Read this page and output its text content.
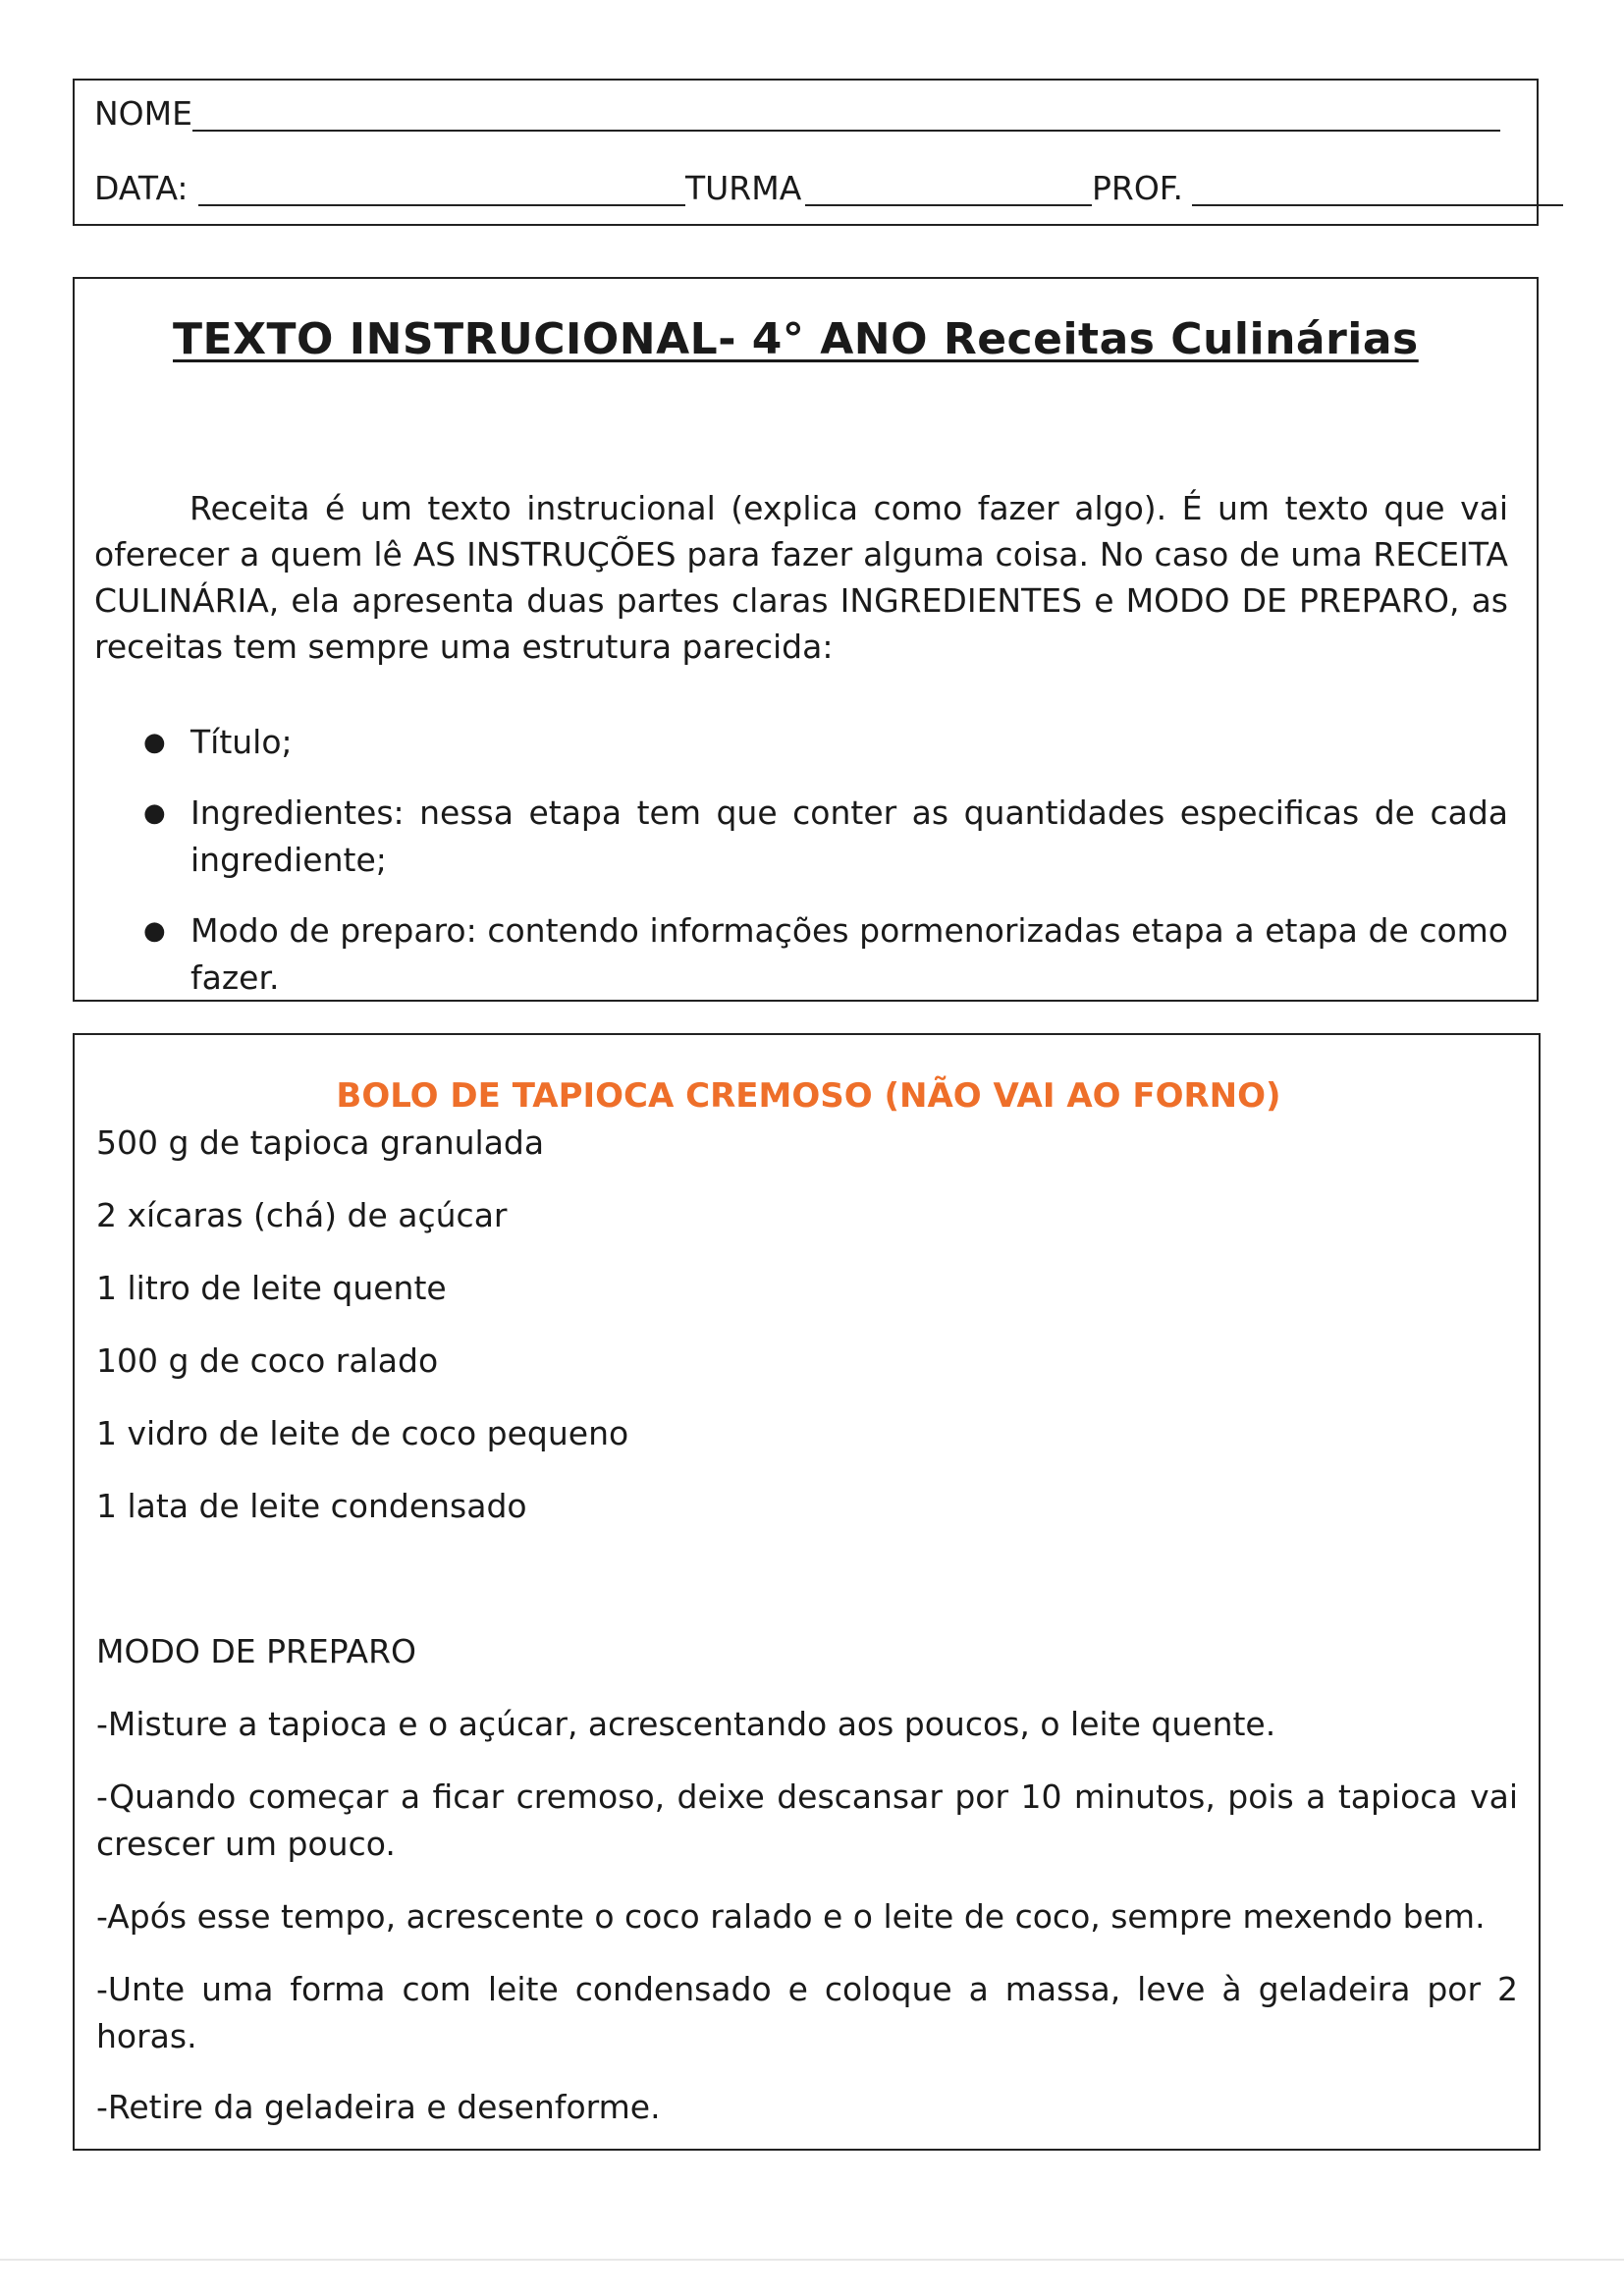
NOME
DATA:	TURMA	PROF.
TEXTO INSTRUCIONAL- 4° ANO Receitas Culinárias

Receita é um texto instrucional (explica como fazer algo). É um texto que vai oferecer a quem lê AS INSTRUÇÕES para fazer alguma coisa. No caso de uma RECEITA CULINÁRIA, ela apresenta duas partes claras INGREDIENTES e MODO DE PREPARO, as receitas tem sempre uma estrutura parecida:

● Título;
● Ingredientes: nessa etapa tem que conter as quantidades especificas de cada ingrediente;
● Modo de preparo: contendo informações pormenorizadas etapa a etapa de como fazer.
BOLO DE TAPIOCA CREMOSO (NÃO VAI AO FORNO)
500 g de tapioca granulada
2 xícaras (chá) de açúcar
1 litro de leite quente
100 g de coco ralado
1 vidro de leite de coco pequeno
1 lata de leite condensado
MODO DE PREPARO

-Misture a tapioca e o açúcar, acrescentando aos poucos, o leite quente.

-Quando começar a ficar cremoso, deixe descansar por 10 minutos, pois a tapioca vai crescer um pouco.

-Após esse tempo, acrescente o coco ralado e o leite de coco, sempre mexendo bem.

-Unte uma forma com leite condensado e coloque a massa, leve à geladeira por 2 horas.

-Retire da geladeira e desenforme.
